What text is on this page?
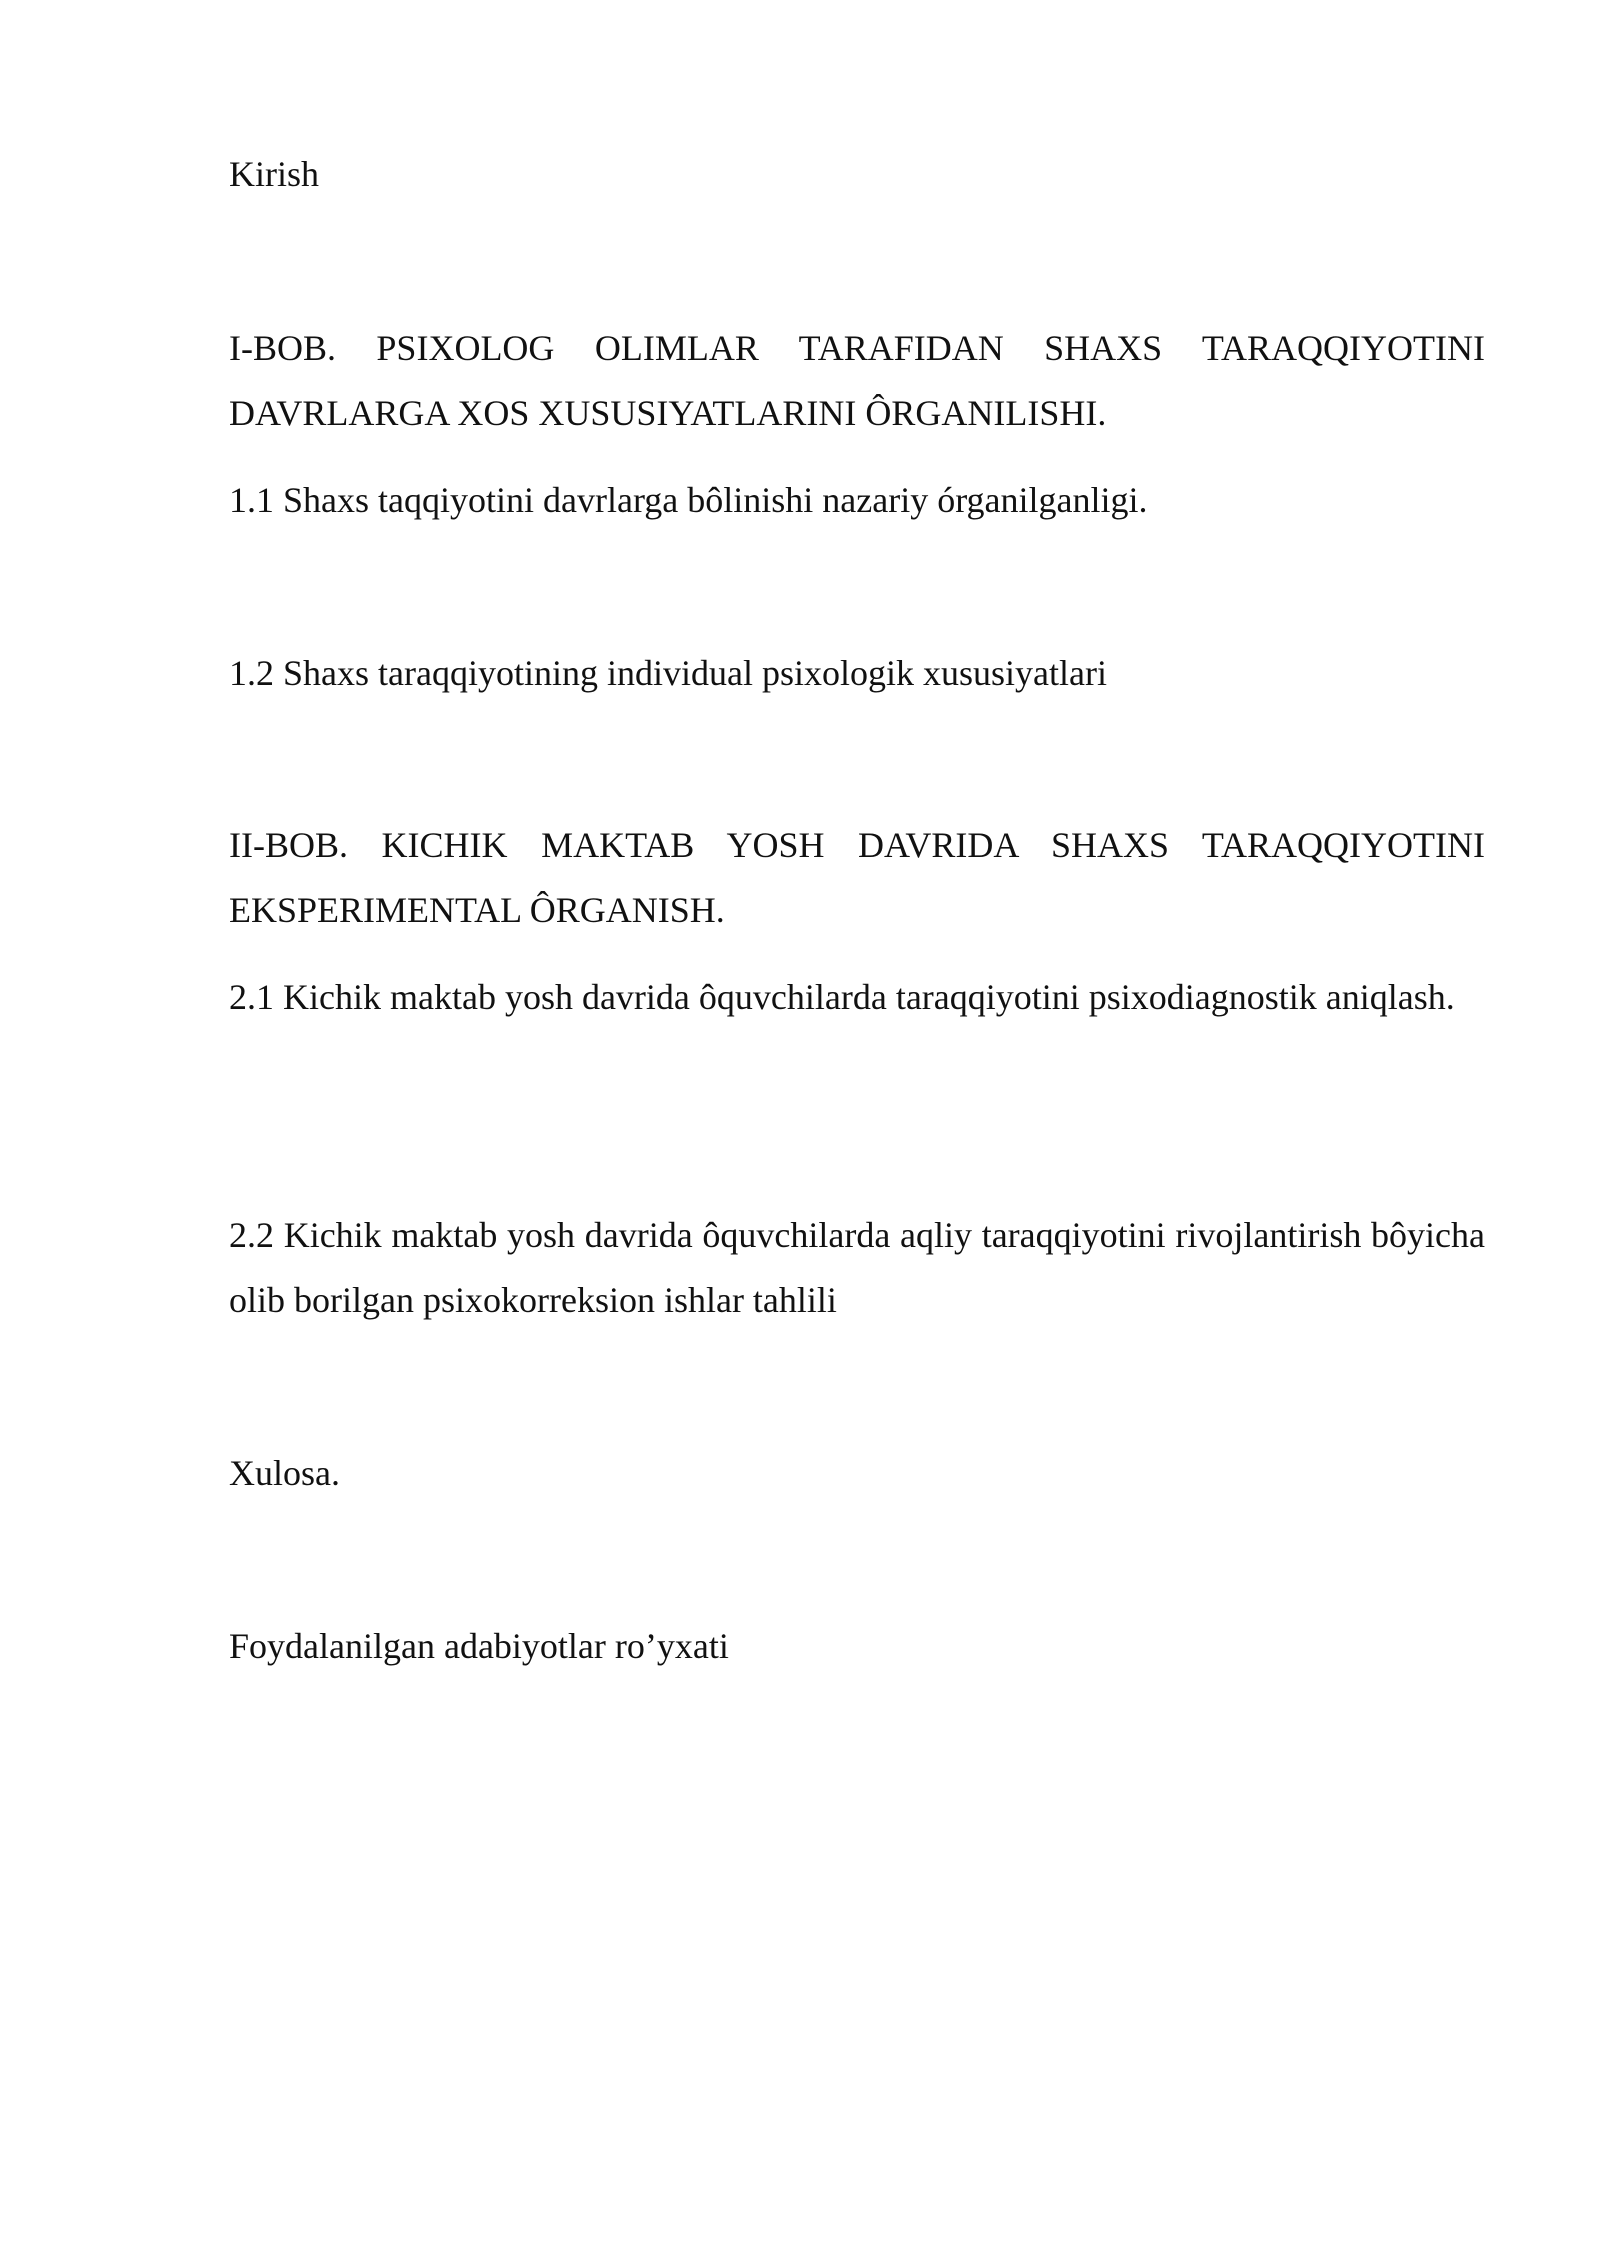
Kirish

I-BOB. PSIXOLOG OLIMLAR TARAFIDAN SHAXS TARAQQIYOTINI DAVRLARGA XOS XUSUSIYATLARINI ÔRGANILISHI.

1.1 Shaxs taqqiyotini davrlarga bôlinishi nazariy órganilganligi.

1.2 Shaxs taraqqiyotining individual psixologik xususiyatlari

II-BOB. KICHIK MAKTAB YOSH DAVRIDA SHAXS TARAQQIYOTINI EKSPERIMENTAL ÔRGANISH.

2.1 Kichik maktab yosh davrida ôquvchilarda taraqqiyotini psixodiagnostik aniqlash.

2.2 Kichik maktab yosh davrida ôquvchilarda aqliy taraqqiyotini rivojlantirish bôyicha olib borilgan psixokorreksion ishlar tahlili

Xulosa.

Foydalanilgan adabiyotlar ro’yxati
